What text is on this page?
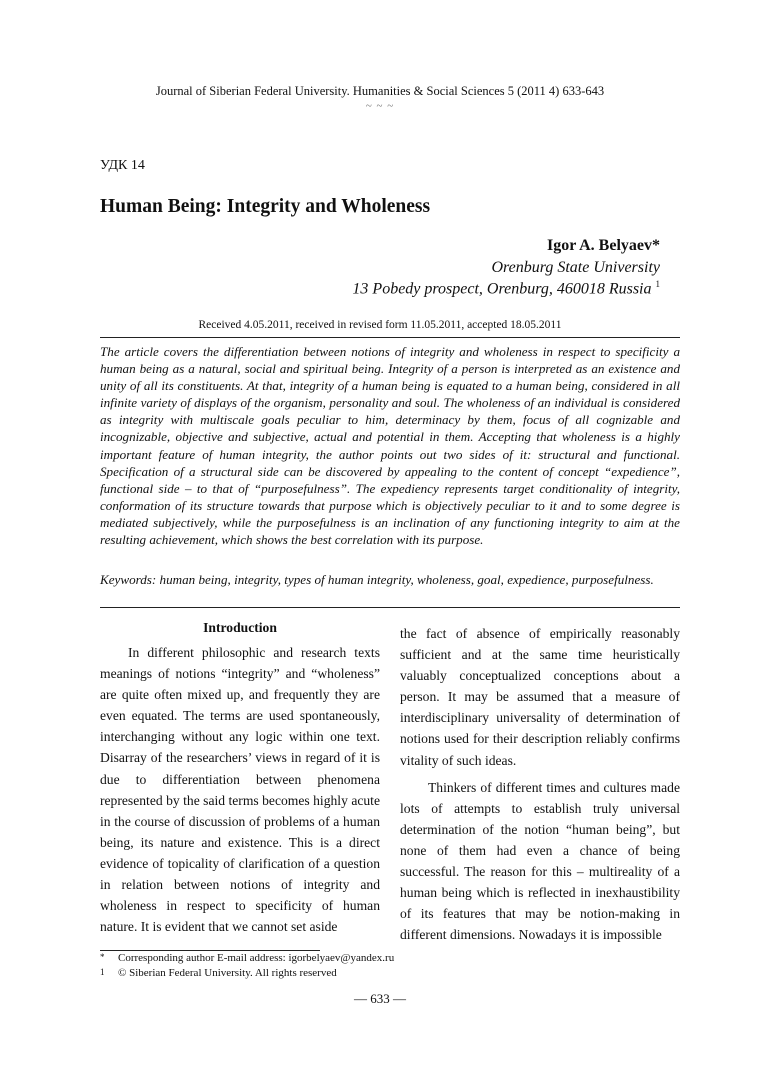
Journal of Siberian Federal University. Humanities & Social Sciences 5 (2011 4) 633-643
~ ~ ~
УДК 14
Human Being: Integrity and Wholeness
Igor A. Belyaev*
Orenburg State University
13 Pobedy prospect, Orenburg, 460018 Russia $^1$
Received 4.05.2011, received in revised form 11.05.2011, accepted 18.05.2011

The article covers the differentiation between notions of integrity and wholeness in respect to specificity a human being as a natural, social and spiritual being. Integrity of a person is interpreted as an existence and unity of all its constituents. At that, integrity of a human being is equated to a human being, considered in all infinite variety of displays of the organism, personality and soul. The wholeness of an individual is considered as integrity with multiscale goals peculiar to him, determinacy by them, focus of all cognizable and incognizable, objective and subjective, actual and potential in them. Accepting that wholeness is a highly important feature of human integrity, the author points out two sides of it: structural and functional. Specification of a structural side can be discovered by appealing to the content of concept “expedience”, functional side – to that of “purposefulness”. The expediency represents target conditionality of integrity, conformation of its structure towards that purpose which is objectively peculiar to it and to some degree is mediated subjectively, while the purposefulness is an inclination of any functioning integrity to aim at the resulting achievement, which shows the best correlation with its purpose.

Keywords: human being, integrity, types of human integrity, wholeness, goal, expedience, purposefulness.

Introduction

In different philosophic and research texts meanings of notions “integrity” and “wholeness” are quite often mixed up, and frequently they are even equated. The terms are used spontaneously, interchanging without any logic within one text. Disarray of the researchers’ views in regard of it is due to differentiation between phenomena represented by the said terms becomes highly acute in the course of discussion of problems of a human being, its nature and existence. This is a direct evidence of topicality of clarification of a question in relation between notions of integrity and wholeness in respect to specificity of human nature. It is evident that we cannot set aside

the fact of absence of empirically reasonably sufficient and at the same time heuristically valuably conceptualized conceptions about a person. It may be assumed that a measure of interdisciplinary universality of determination of notions used for their description reliably confirms vitality of such ideas.

Thinkers of different times and cultures made lots of attempts to establish truly universal determination of the notion “human being”, but none of them had even a chance of being successful. The reason for this – multireality of a human being which is reflected in inexhaustibility of its features that may be notion-making in different dimensions. Nowadays it is impossible

* Corresponding author E-mail address: igorbelyaev@yandex.ru
1 © Siberian Federal University. All rights reserved
— 633 —
